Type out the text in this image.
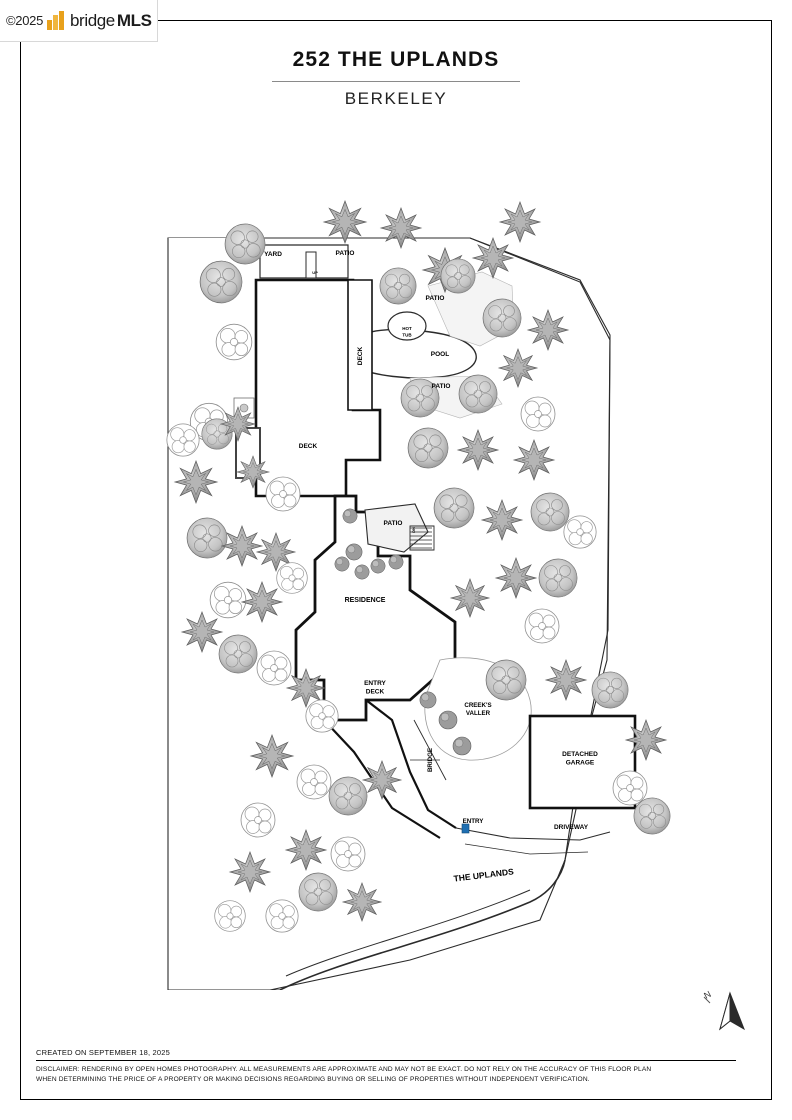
©2025 bridge MLS
252 THE UPLANDS
BERKELEY
YARD	PATIO
UP
PATIO
DECK
HOT TUB
POOL
PATIO
DECK
PATIO
DN
RESIDENCE
ENTRY DECK
CREEK'S VALLER
DETACHED GARAGE
BRIDGE
ENTRY
DRIVEWAY
THE UPLANDS
N
CREATED ON SEPTEMBER 18, 2025
DISCLAIMER: RENDERING BY OPEN HOMES PHOTOGRAPHY. ALL MEASUREMENTS ARE APPROXIMATE AND MAY NOT BE EXACT. DO NOT RELY ON THE ACCURACY OF THIS FLOOR PLAN
WHEN DETERMINING THE PRICE OF A PROPERTY OR MAKING DECISIONS REGARDING BUYING OR SELLING OF PROPERTIES WITHOUT INDEPENDENT VERIFICATION.
